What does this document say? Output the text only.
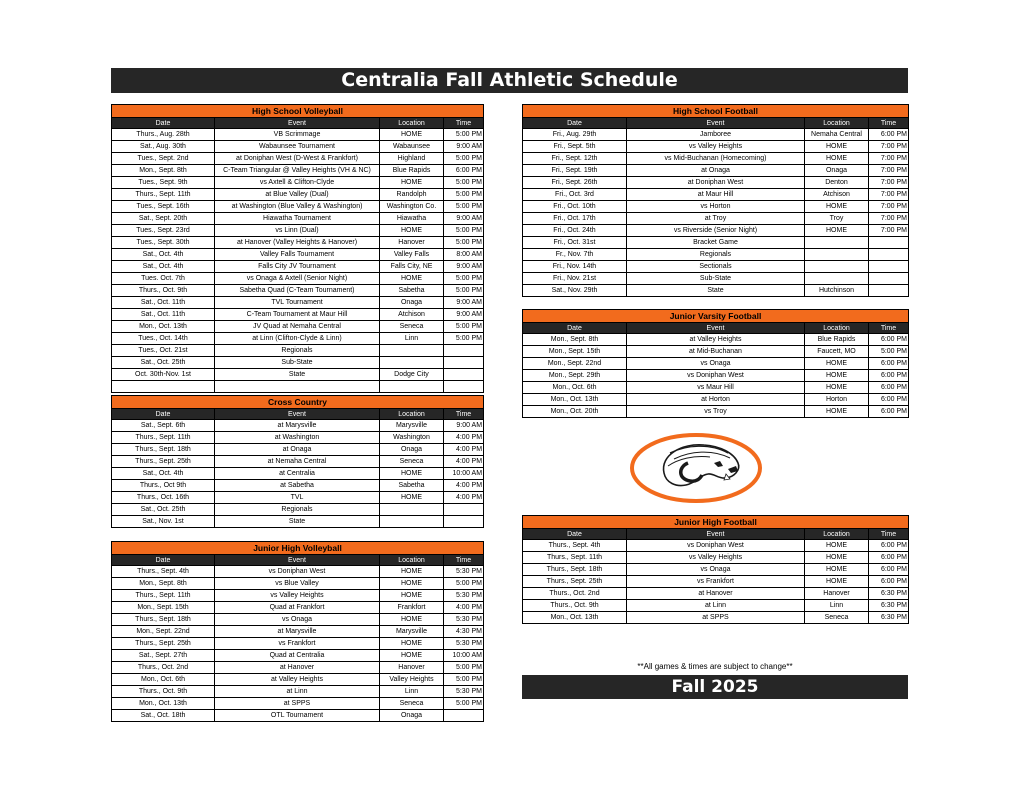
Centralia Fall Athletic Schedule
High School Volleyball			
Date	Event	Location	Time
Thurs., Aug. 28th	VB Scrimmage	HOME	5:00 PM
Sat., Aug. 30th	Wabaunsee Tournament	Wabaunsee	9:00 AM
Tues., Sept. 2nd	at Doniphan West (D-West & Frankfort)	Highland	5:00 PM
Mon., Sept. 8th	C-Team Triangular @ Valley Heights (VH & NC)	Blue Rapids	6:00 PM
Tues., Sept. 9th	vs Axtell & Clifton-Clyde	HOME	5:00 PM
Thurs., Sept. 11th	at Blue Valley (Dual)	Randolph	5:00 PM
Tues., Sept. 16th	at Washington (Blue Valley & Washington)	Washington Co.	5:00 PM
Sat., Sept. 20th	Hiawatha Tournament	Hiawatha	9:00 AM
Tues., Sept. 23rd	vs Linn (Dual)	HOME	5:00 PM
Tues., Sept. 30th	at Hanover (Valley Heights & Hanover)	Hanover	5:00 PM
Sat., Oct. 4th	Valley Falls Tournament	Valley Falls	8:00 AM
Sat., Oct. 4th	Falls City JV Tournament	Falls City, NE	9:00 AM
Tues. Oct. 7th	vs Onaga & Axtell (Senior Night)	HOME	5:00 PM
Thurs., Oct. 9th	Sabetha Quad (C-Team Tournament)	Sabetha	5:00 PM
Sat., Oct. 11th	TVL Tournament	Onaga	9:00 AM
Sat., Oct. 11th	C-Team Tournament at Maur Hill	Atchison	9:00 AM
Mon., Oct. 13th	JV Quad at Nemaha Central	Seneca	5:00 PM
Tues., Oct. 14th	at Linn (Clifton-Clyde & Linn)	Linn	5:00 PM
Tues., Oct. 21st	Regionals		
Sat., Oct. 25th	Sub-State		
Oct. 30th-Nov. 1st	State	Dodge City	

Cross Country			
Date	Event	Location	Time
Sat., Sept. 6th	at Marysville	Marysville	9:00 AM
Thurs., Sept. 11th	at Washington	Washington	4:00 PM
Thurs., Sept. 18th	at Onaga	Onaga	4:00 PM
Thurs., Sept. 25th	at Nemaha Central	Seneca	4:00 PM
Sat., Oct. 4th	at Centralia	HOME	10:00 AM
Thurs., Oct 9th	at Sabetha	Sabetha	4:00 PM
Thurs., Oct. 16th	TVL	HOME	4:00 PM
Sat., Oct. 25th	Regionals		
Sat., Nov. 1st	State		
Junior High Volleyball			
Date	Event	Location	Time
Thurs., Sept. 4th	vs Doniphan West	HOME	5:30 PM
Mon., Sept. 8th	vs Blue Valley	HOME	5:00 PM
Thurs., Sept. 11th	vs Valley Heights	HOME	5:30 PM
Mon., Sept. 15th	Quad at Frankfort	Frankfort	4:00 PM
Thurs., Sept. 18th	vs Onaga	HOME	5:30 PM
Mon., Sept. 22nd	at Marysville	Marysville	4:30 PM
Thurs., Sept. 25th	vs Frankfort	HOME	5:30 PM
Sat., Sept. 27th	Quad at Centralia	HOME	10:00 AM
Thurs., Oct. 2nd	at Hanover	Hanover	5:00 PM
Mon., Oct. 6th	at Valley Heights	Valley Heights	5:00 PM
Thurs., Oct. 9th	at Linn	Linn	5:30 PM
Mon., Oct. 13th	at SPPS	Seneca	5:00 PM
Sat., Oct. 18th	OTL Tournament	Onaga	
High School Football			
Date	Event	Location	Time
Fri., Aug. 29th	Jamboree	Nemaha Central	6:00 PM
Fri., Sept. 5th	vs Valley Heights	HOME	7:00 PM
Fri., Sept. 12th	vs Mid-Buchanan (Homecoming)	HOME	7:00 PM
Fri., Sept. 19th	at Onaga	Onaga	7:00 PM
Fri., Sept. 26th	at Doniphan West	Denton	7:00 PM
Fri., Oct. 3rd	at Maur Hill	Atchison	7:00 PM
Fri., Oct. 10th	vs Horton	HOME	7:00 PM
Fri., Oct. 17th	at Troy	Troy	7:00 PM
Fri., Oct. 24th	vs Riverside (Senior Night)	HOME	7:00 PM
Fri., Oct. 31st	Bracket Game		
Fr., Nov. 7th	Regionals		
Fri., Nov. 14th	Sectionals		
Fri., Nov. 21st	Sub-State		
Sat., Nov. 29th	State	Hutchinson	
Junior Varsity Football			
Date	Event	Location	Time
Mon., Sept. 8th	at Valley Heights	Blue Rapids	6:00 PM
Mon., Sept. 15th	at Mid-Buchanan	Faucett, MO	5:00 PM
Mon., Sept. 22nd	vs Onaga	HOME	6:00 PM
Mon., Sept. 29th	vs Doniphan West	HOME	6:00 PM
Mon., Oct. 6th	vs Maur Hill	HOME	6:00 PM
Mon., Oct. 13th	at Horton	Horton	6:00 PM
Mon., Oct. 20th	vs Troy	HOME	6:00 PM
Junior High Football			
Date	Event	Location	Time
Thurs., Sept. 4th	vs Doniphan West	HOME	6:00 PM
Thurs., Sept. 11th	vs Valley Heights	HOME	6:00 PM
Thurs., Sept. 18th	vs Onaga	HOME	6:00 PM
Thurs., Sept. 25th	vs Frankfort	HOME	6:00 PM
Thurs., Oct. 2nd	at Hanover	Hanover	6:30 PM
Thurs., Oct. 9th	at Linn	Linn	6:30 PM
Mon., Oct. 13th	at SPPS	Seneca	6:30 PM
**All games & times are subject to change**
Fall 2025
